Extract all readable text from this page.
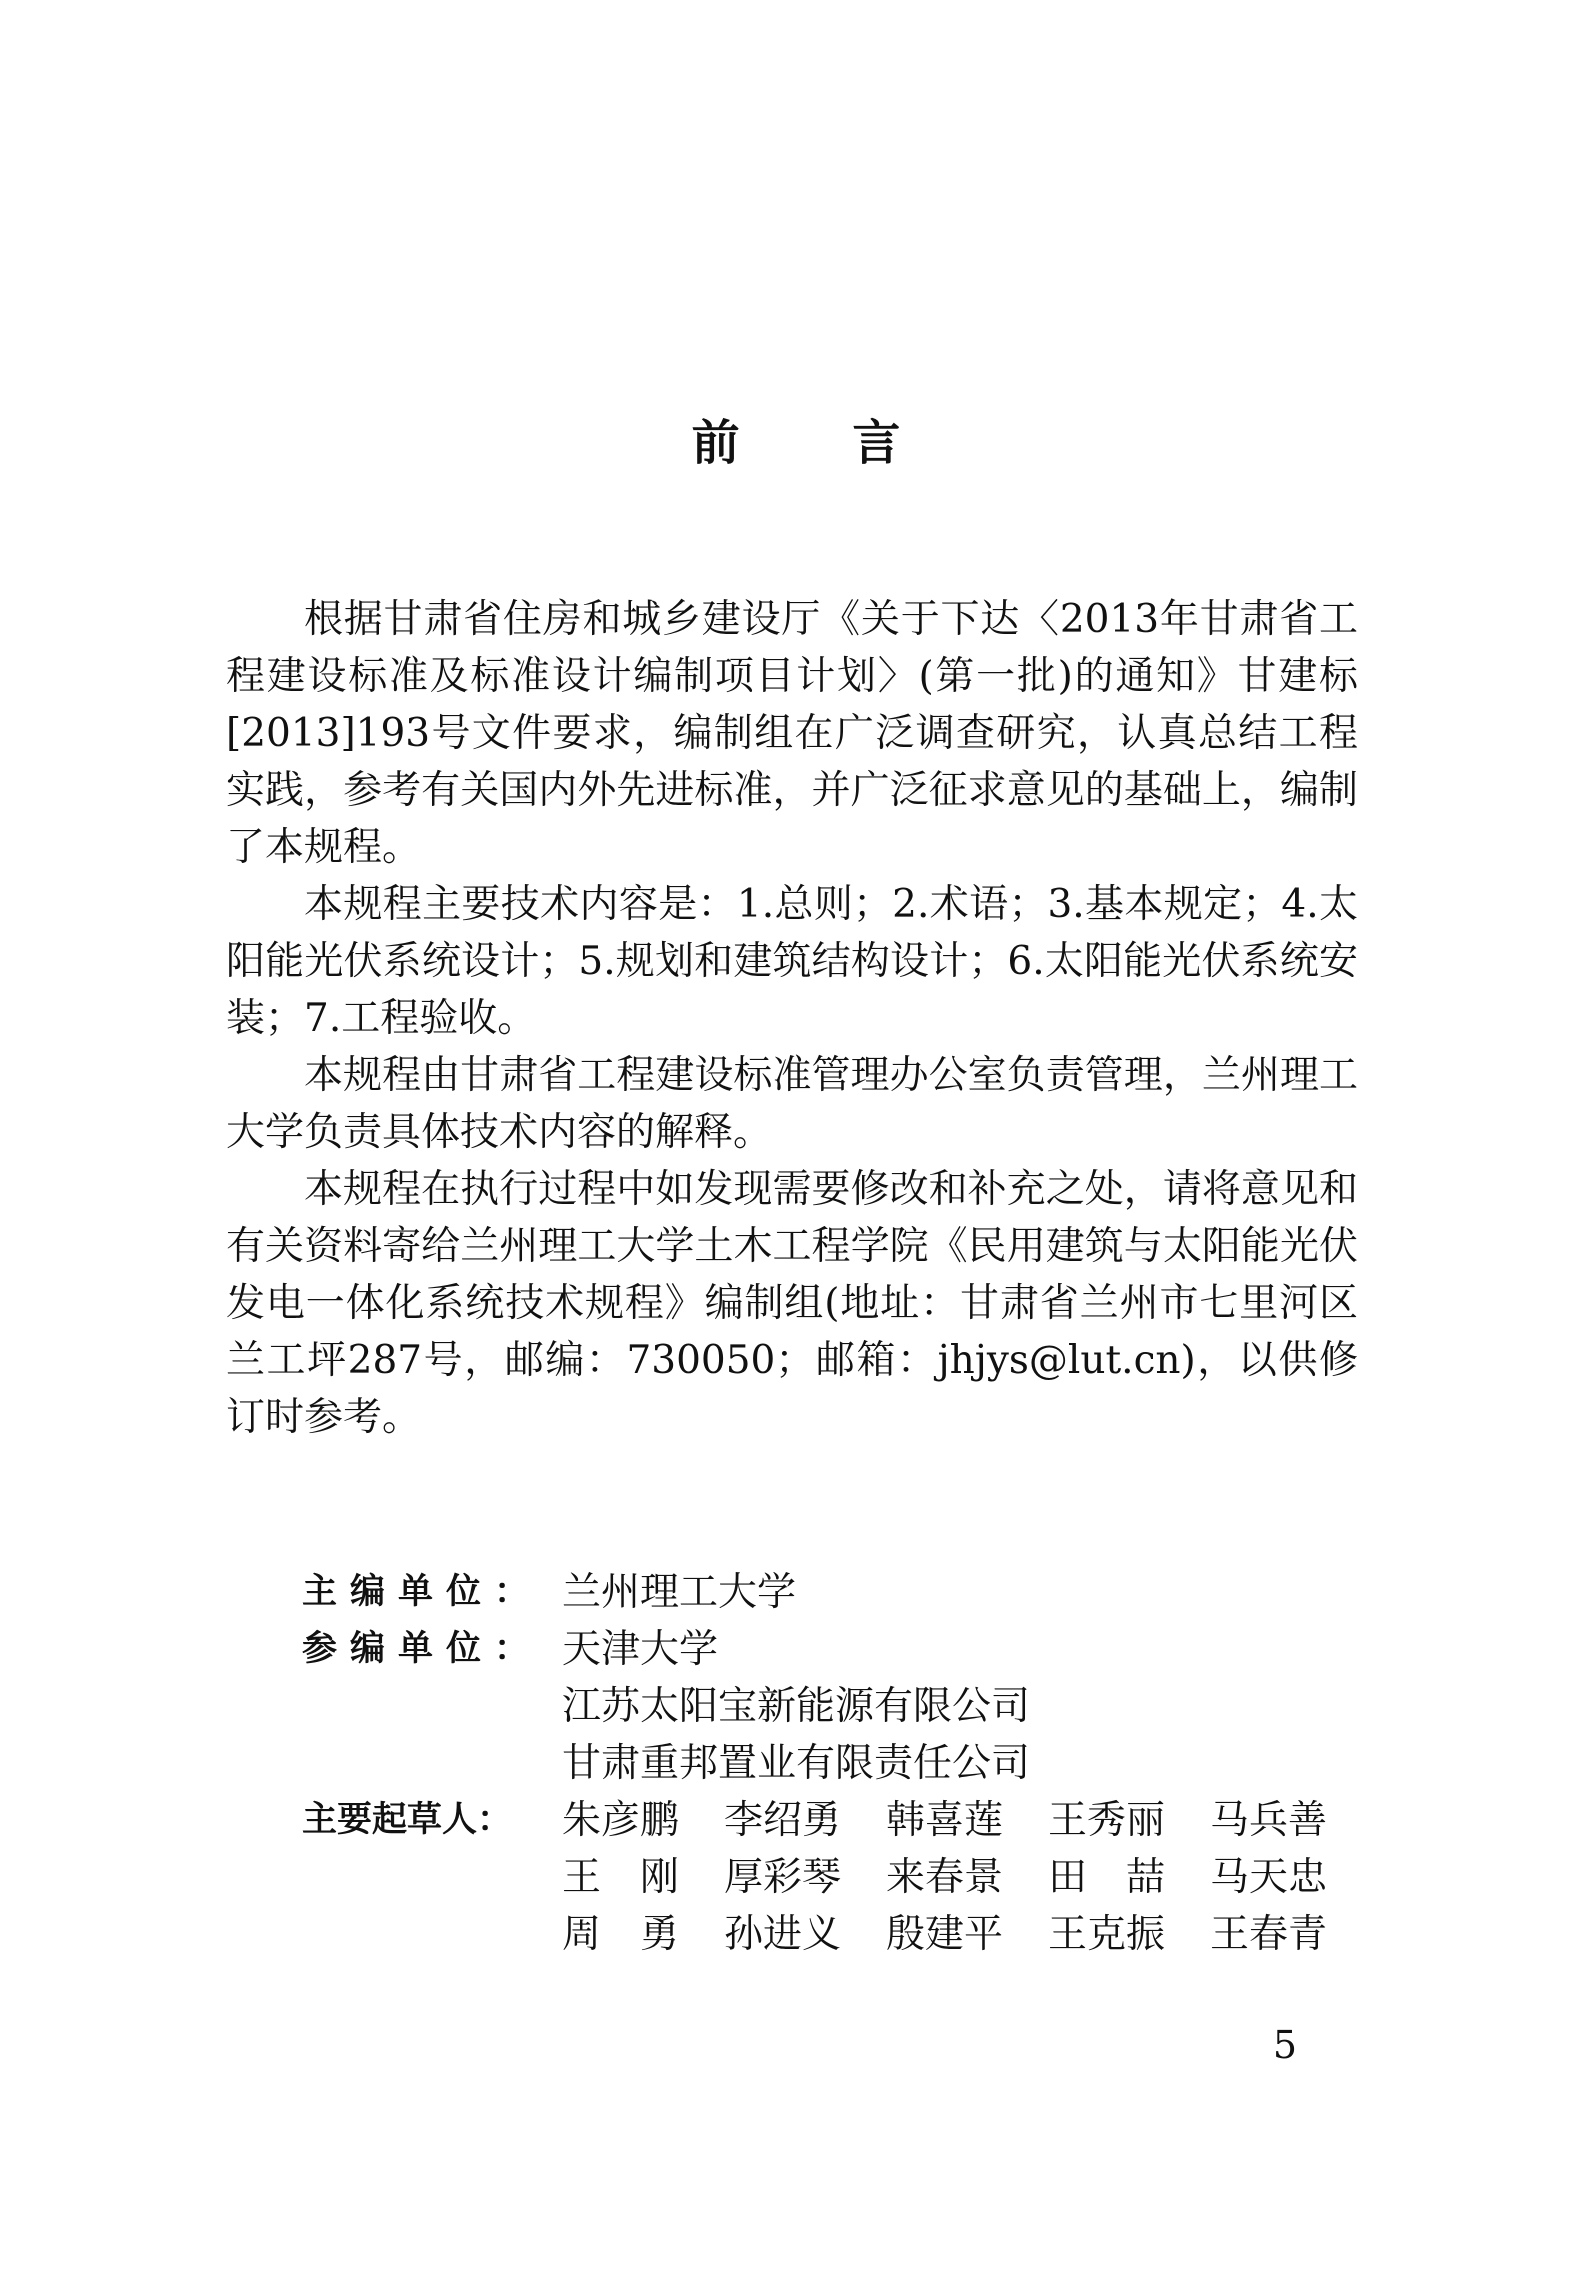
前 言

根据甘肃省住房和城乡建设厅《关于下达〈2013年甘肃省工程建设标准及标准设计编制项目计划〉(第一批)的通知》甘建标[2013]193号文件要求，编制组在广泛调查研究，认真总结工程实践，参考有关国内外先进标准，并广泛征求意见的基础上，编制了本规程。

本规程主要技术内容是：1.总则；2.术语；3.基本规定；4.太阳能光伏系统设计；5.规划和建筑结构设计；6.太阳能光伏系统安装；7.工程验收。

本规程由甘肃省工程建设标准管理办公室负责管理，兰州理工大学负责具体技术内容的解释。

本规程在执行过程中如发现需要修改和补充之处，请将意见和有关资料寄给兰州理工大学土木工程学院《民用建筑与太阳能光伏发电一体化系统技术规程》编制组(地址：甘肃省兰州市七里河区兰工坪287号，邮编：730050；邮箱：jhjys@lut.cn)，以供修订时参考。

主编单位： 兰州理工大学
参编单位： 天津大学
江苏太阳宝新能源有限公司
甘肃重邦置业有限责任公司
主要起草人：	朱彦鹏	李绍勇	韩喜莲	王秀丽	马兵善
王　刚	厚彩琴	来春景	田　喆	马天忠
周　勇	孙进义	殷建平	王克振	王春青
5
